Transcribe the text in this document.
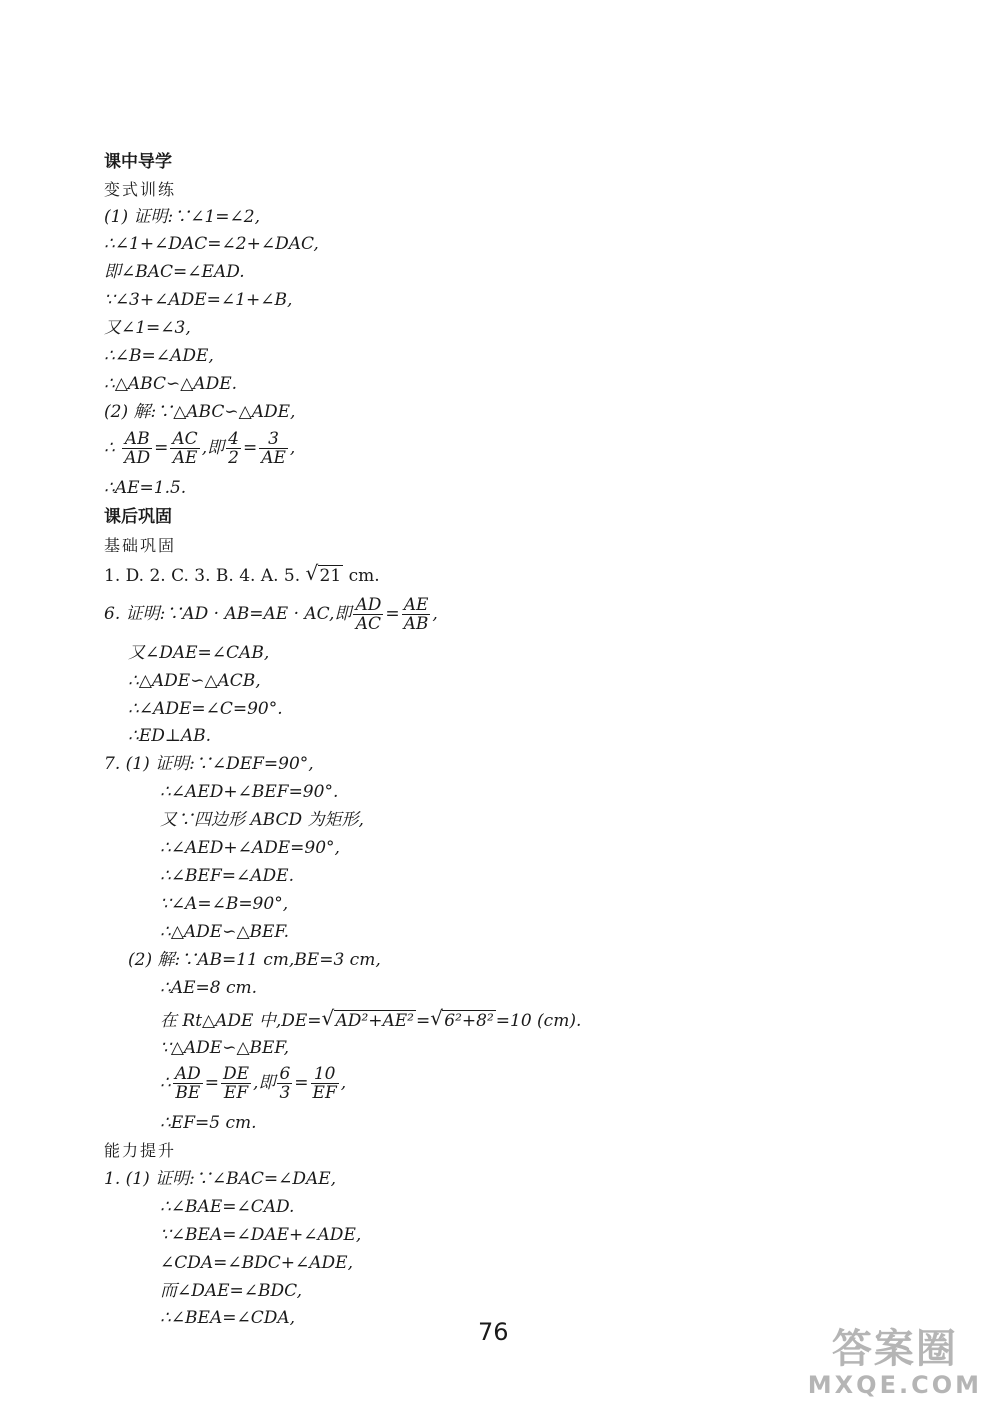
课中导学
变式训练
(1) 证明:∵∠1=∠2,
∴∠1+∠DAC=∠2+∠DAC,
即∠BAC=∠EAD.
∵∠3+∠ADE=∠1+∠B,
又∠1=∠3,
∴∠B=∠ADE,
∴△ABC∽△ADE.
(2) 解:∵△ABC∽△ADE,
∴ $\frac{AB}{AD} = \frac{AC}{AE}$ ,即 $\frac{4}{2} = \frac{3}{AE}$ ,
∴AE=1.5.
课后巩固
基础巩固
1. D. 2. C. 3. B. 4. A. 5. √ 21 cm.
6. 证明:∵AD · AB=AE · AC,即 $\frac{AD}{AC} = \frac{AE}{AB}$ ,
又∠DAE=∠CAB,
∴△ADE∽△ACB,
∴∠ADE=∠C=90°.
∴ED⊥AB.
7. (1) 证明:∵∠DEF=90°,
∴∠AED+∠BEF=90°.
又∵四边形 ABCD 为矩形,
∴∠AED+∠ADE=90°,
∴∠BEF=∠ADE.
∵∠A=∠B=90°,
∴△ADE∽△BEF.
(2) 解:∵AB=11 cm,BE=3 cm,
∴AE=8 cm.
在 Rt△ADE 中,DE= √ AD²+AE² = √ 6²+8² =10 (cm).
∵△ADE∽△BEF,
∴ $\frac{AD}{BE} = \frac{DE}{EF}$ ,即 $\frac{6}{3} = \frac{10}{EF}$ ,
∴EF=5 cm.
能力提升
1. (1) 证明:∵∠BAC=∠DAE,
∴∠BAE=∠CAD.
∵∠BEA=∠DAE+∠ADE,
∠CDA=∠BDC+∠ADE,
而∠DAE=∠BDC,
∴∠BEA=∠CDA,	76	答案圈
MXQE.COM
